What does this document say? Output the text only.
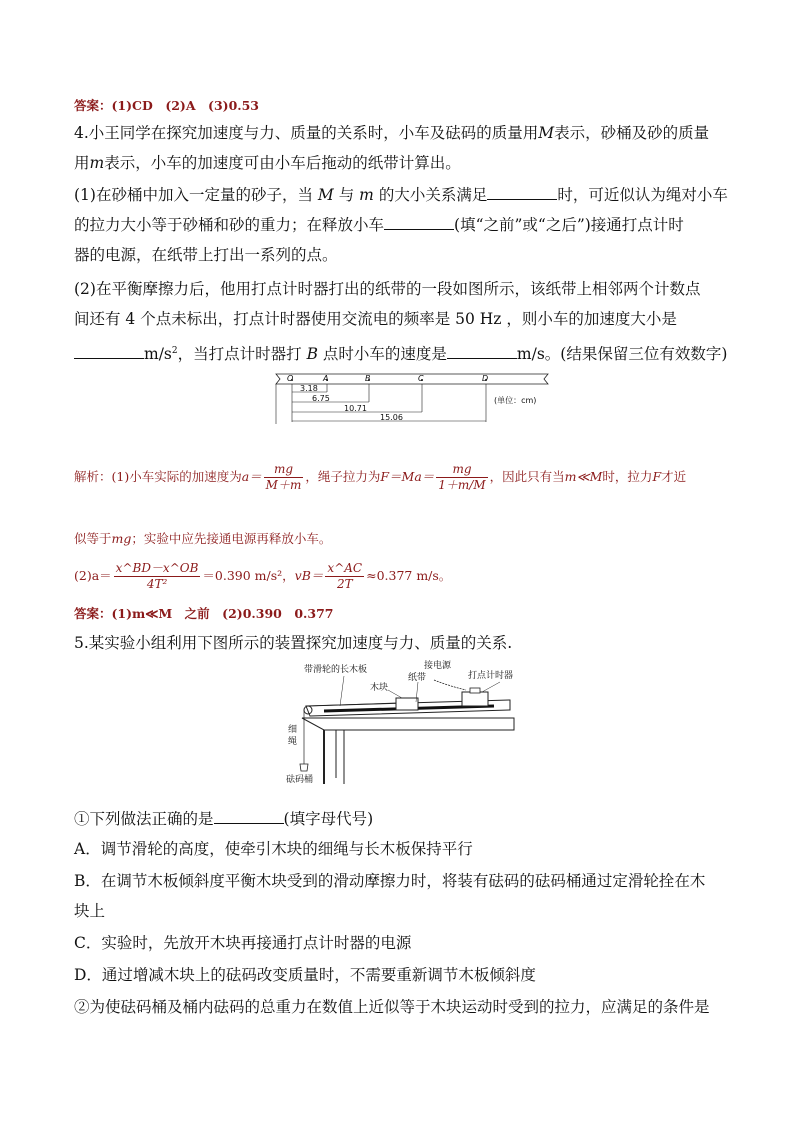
答案：(1)CD　(2)A　(3)0.53
4.小王同学在探究加速度与力、质量的关系时，小车及砝码的质量用M表示，砂桶及砂的质量
用m表示，小车的加速度可由小车后拖动的纸带计算出。
(1)在砂桶中加入一定量的砂子，当 M 与 m 的大小关系满足	时，可近似认为绳对小车
的拉力大小等于砂桶和砂的重力；在释放小车	(填“之前”或“之后”)接通打点计时
器的电源，在纸带上打出一系列的点。
(2)在平衡摩擦力后，他用打点计时器打出的纸带的一段如图所示，该纸带上相邻两个计数点
间还有 4 个点未标出，打点计时器使用交流电的频率是 50 Hz ，则小车的加速度大小是
$m/s^2$，当打点计时器打 B 点时小车的速度是	m/s。(结果保留三位有效数字)
O	A	B	C	D
3.18
6.75
10.71
15.06
(单位：cm)
解析：(1)小车实际的加速度为$a= \frac{mg}{M+m}$ ，绳子拉力为$F=Ma= \frac{mg}{1+m/M}$ ，因此只有当m≪M时，拉力F才近
似等于mg；实验中应先接通电源再释放小车。
$(2)a= \frac{x\^{}BD-x\^{}OB}{\text{4T²}} =0.390$ m/s²，$vB= \frac{x\^{}AC}{2T} \approx 0.377$ m/s。
答案：(1)m≪M　之前　(2)0.390　0.377
5.某实验小组利用下图所示的装置探究加速度与力、质量的关系.
带滑轮的长木板
木块
纸带
接电源
打点计时器
细
绳
砝码桶
①下列做法正确的是	(填字母代号)
A．调节滑轮的高度，使牵引木块的细绳与长木板保持平行
B．在调节木板倾斜度平衡木块受到的滑动摩擦力时，将装有砝码的砝码桶通过定滑轮拴在木
块上
C．实验时，先放开木块再接通打点计时器的电源
D．通过增减木块上的砝码改变质量时，不需要重新调节木板倾斜度
②为使砝码桶及桶内砝码的总重力在数值上近似等于木块运动时受到的拉力，应满足的条件是
